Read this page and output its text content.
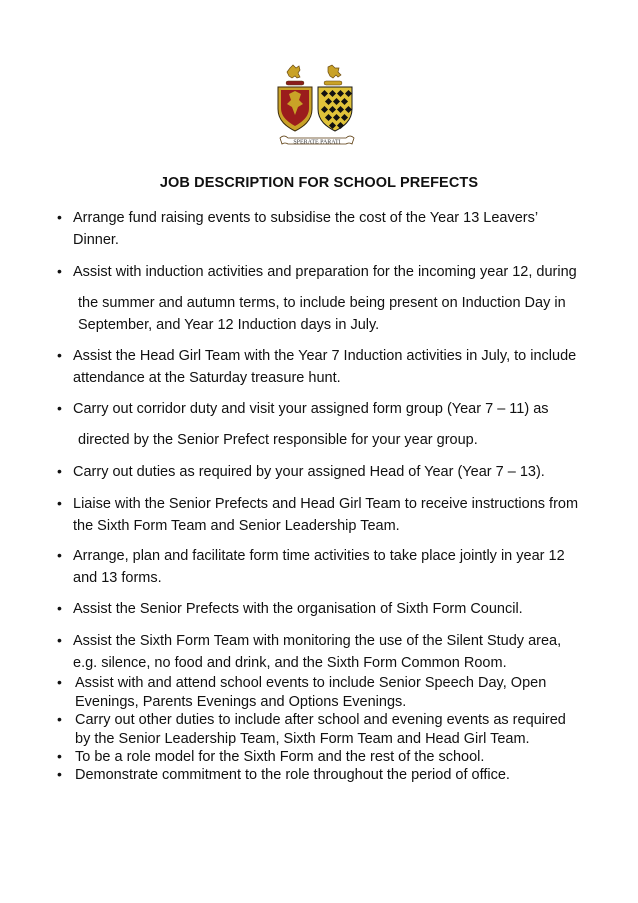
SPERATE PARATI
JOB DESCRIPTION FOR SCHOOL PREFECTS
• Arrange fund raising events to subsidise the cost of the Year 13 Leavers’
Dinner.
• Assist with induction activities and preparation for the incoming year 12, during
the summer and autumn terms, to include being present on Induction Day in
September, and Year 12 Induction days in July.
• Assist the Head Girl Team with the Year 7 Induction activities in July, to include
attendance at the Saturday treasure hunt.
• Carry out corridor duty and visit your assigned form group (Year 7 – 11) as
directed by the Senior Prefect responsible for your year group.
• Carry out duties as required by your assigned Head of Year (Year 7 – 13).
• Liaise with the Senior Prefects and Head Girl Team to receive instructions from
the Sixth Form Team and Senior Leadership Team.
• Arrange, plan and facilitate form time activities to take place jointly in year 12
and 13 forms.
• Assist the Senior Prefects with the organisation of Sixth Form Council.
• Assist the Sixth Form Team with monitoring the use of the Silent Study area,
e.g. silence, no food and drink, and the Sixth Form Common Room.
• Assist with and attend school events to include Senior Speech Day, Open
Evenings, Parents Evenings and Options Evenings.
• Carry out other duties to include after school and evening events as required
by the Senior Leadership Team, Sixth Form Team and Head Girl Team.
• To be a role model for the Sixth Form and the rest of the school.
• Demonstrate commitment to the role throughout the period of office.
